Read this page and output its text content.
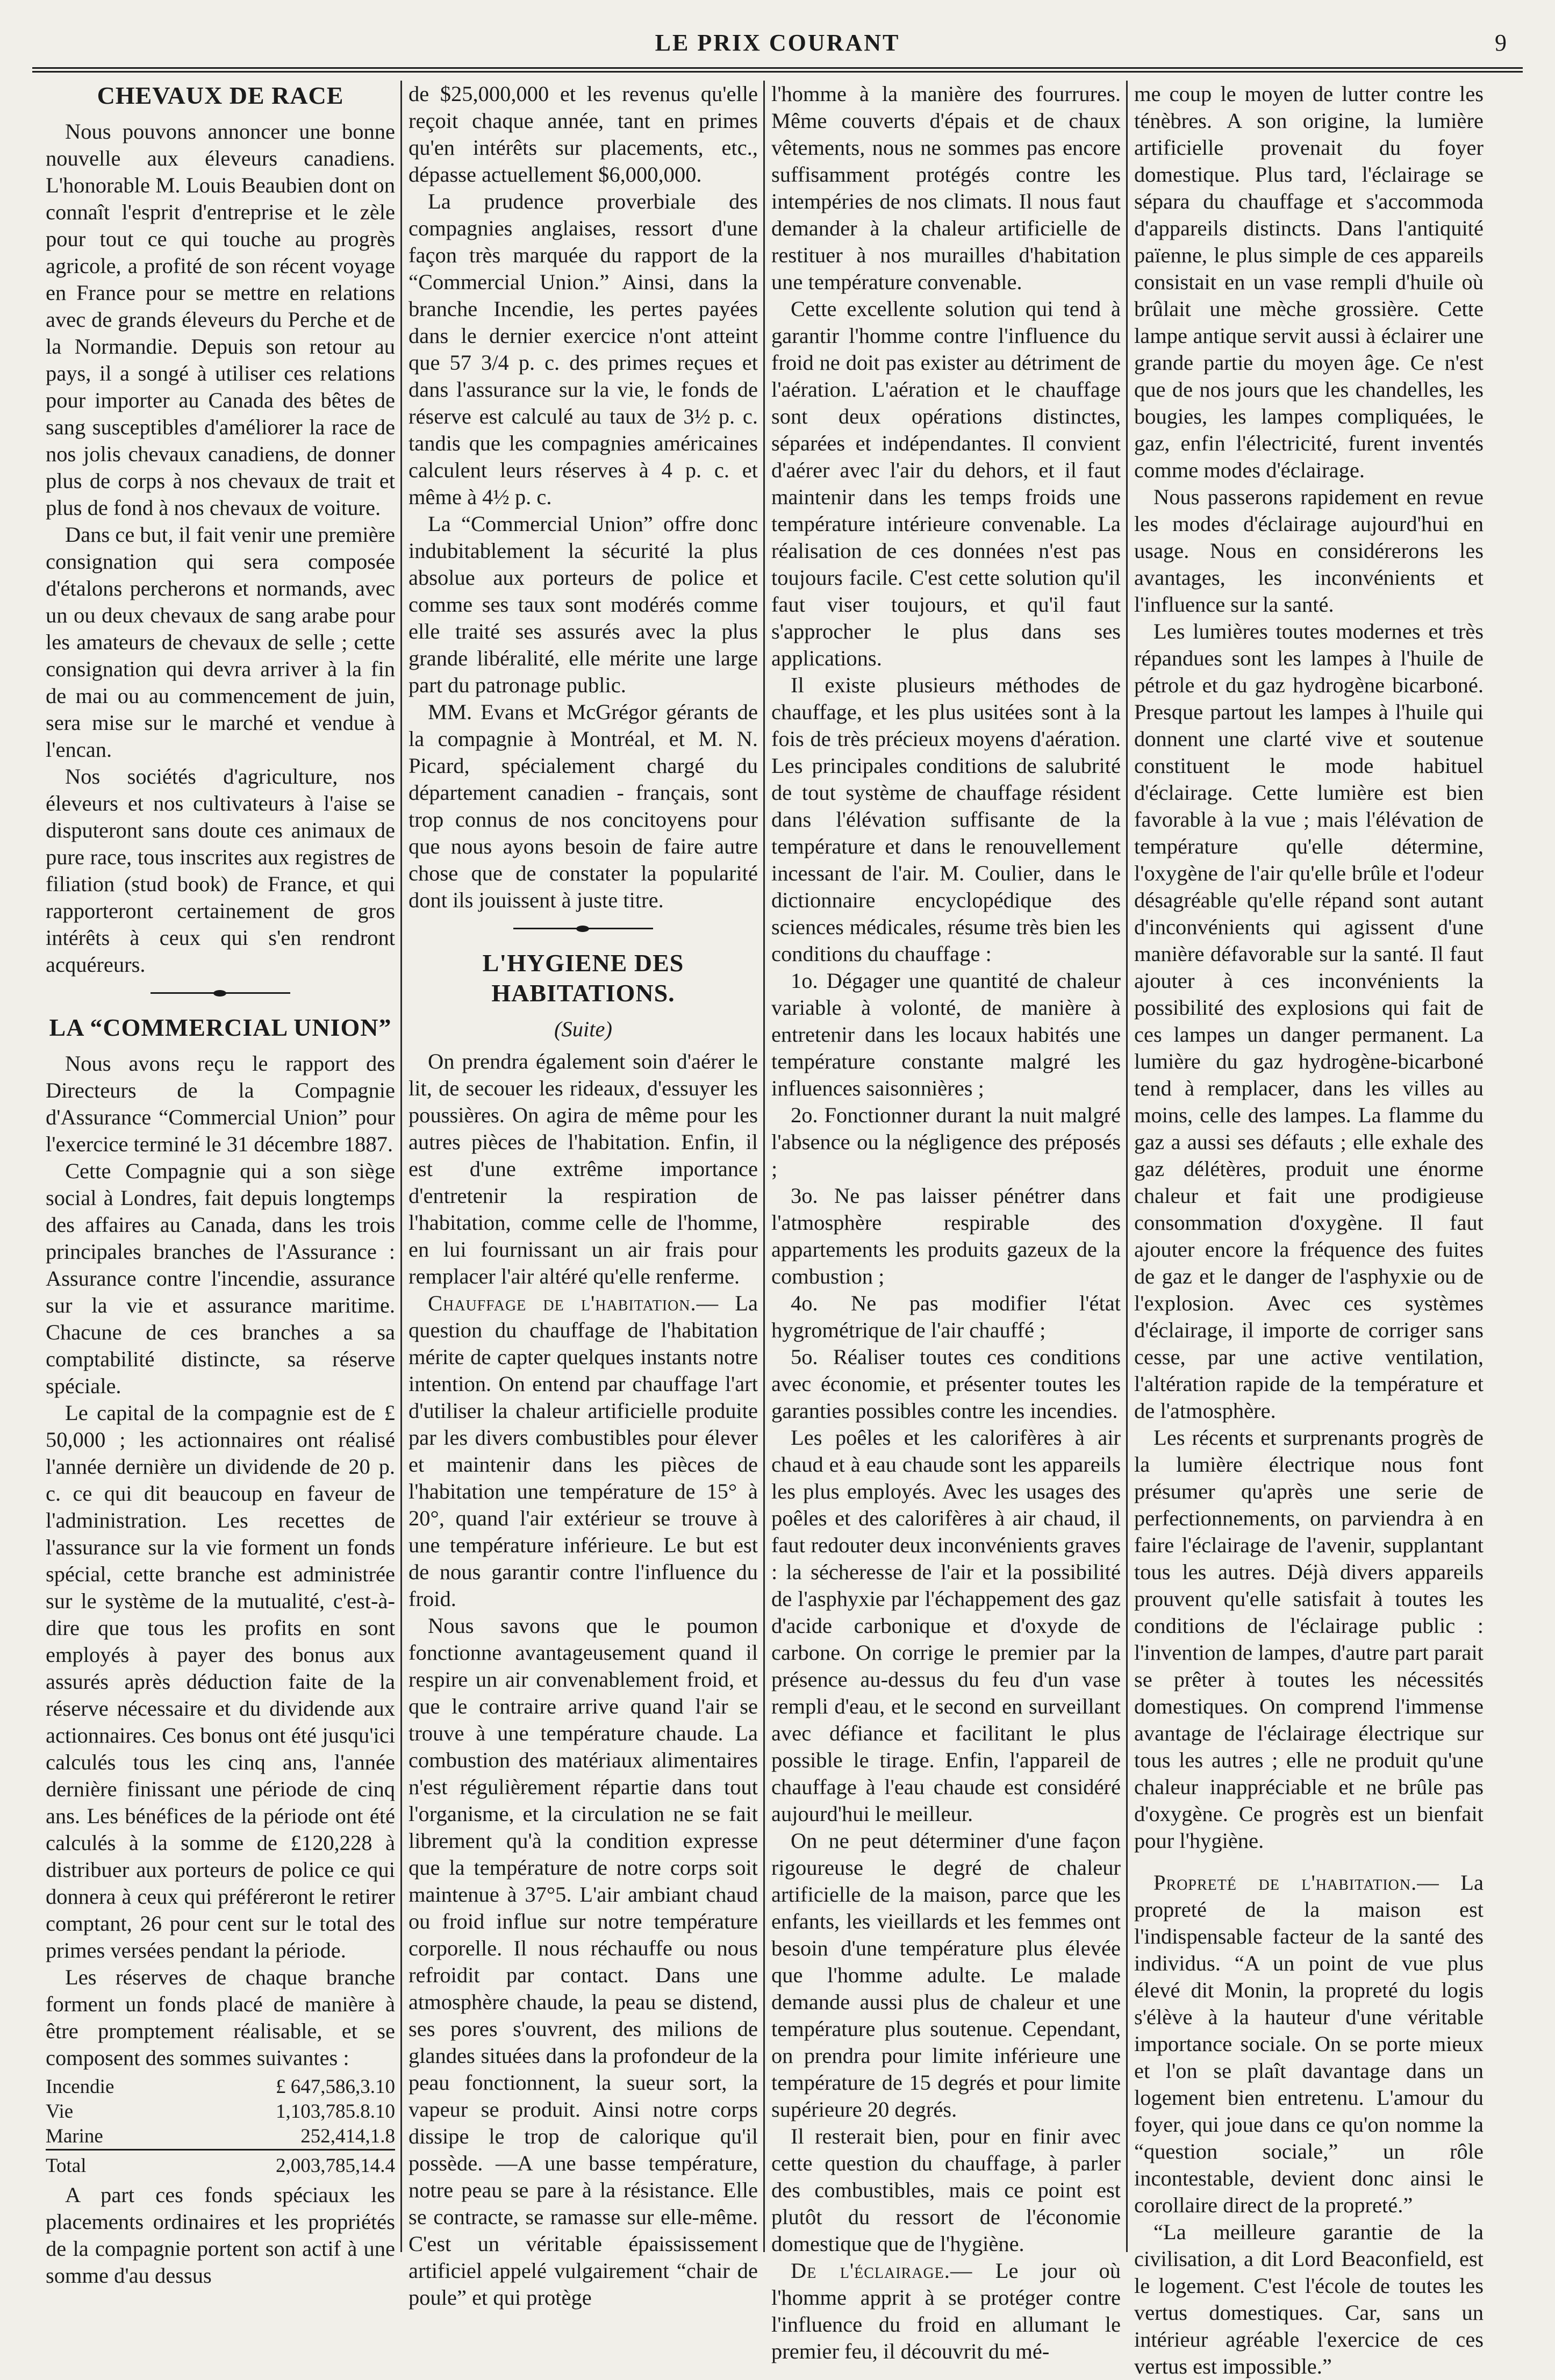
LE PRIX COURANT	9
CHEVAUX DE RACE

Nous pouvons annoncer une bonne nouvelle aux éleveurs canadiens. L'honorable M. Louis Beaubien dont on connaît l'esprit d'entreprise et le zèle pour tout ce qui touche au progrès agricole, a profité de son récent voyage en France pour se mettre en relations avec de grands éleveurs du Perche et de la Normandie. Depuis son retour au pays, il a songé à utiliser ces relations pour importer au Canada des bêtes de sang susceptibles d'améliorer la race de nos jolis chevaux canadiens, de donner plus de corps à nos chevaux de trait et plus de fond à nos chevaux de voiture.

Dans ce but, il fait venir une première consignation qui sera composée d'étalons percherons et normands, avec un ou deux chevaux de sang arabe pour les amateurs de chevaux de selle ; cette consignation qui devra arriver à la fin de mai ou au commencement de juin, sera mise sur le marché et vendue à l'encan.

Nos sociétés d'agriculture, nos éleveurs et nos cultivateurs à l'aise se disputeront sans doute ces animaux de pure race, tous inscrites aux registres de filiation (stud book) de France, et qui rapporteront certainement de gros intérêts à ceux qui s'en rendront acquéreurs.

LA “COMMERCIAL UNION”

Nous avons reçu le rapport des Directeurs de la Compagnie d'Assurance “Commercial Union” pour l'exercice terminé le 31 décembre 1887.

Cette Compagnie qui a son siège social à Londres, fait depuis longtemps des affaires au Canada, dans les trois principales branches de l'Assurance : Assurance contre l'incendie, assurance sur la vie et assurance maritime. Chacune de ces branches a sa comptabilité distincte, sa réserve spéciale.

Le capital de la compagnie est de £ 50,000 ; les actionnaires ont réalisé l'année dernière un dividende de 20 p. c. ce qui dit beaucoup en faveur de l'administration. Les recettes de l'assurance sur la vie forment un fonds spécial, cette branche est administrée sur le système de la mutualité, c'est-à-dire que tous les profits en sont employés à payer des bonus aux assurés après déduction faite de la réserve nécessaire et du dividende aux actionnaires. Ces bonus ont été jusqu'ici calculés tous les cinq ans, l'année dernière finissant une période de cinq ans. Les bénéfices de la période ont été calculés à la somme de £120,228 à distribuer aux porteurs de police ce qui donnera à ceux qui préféreront le retirer comptant, 26 pour cent sur le total des primes versées pendant la période.

Les réserves de chaque branche forment un fonds placé de manière à être promptement réalisable, et se composent des sommes suivantes :

Incendie	£ 647,586,3.10
Vie	1,103,785.8.10
Marine	252,414,1.8
Total	2,003,785,14.4

A part ces fonds spéciaux les placements ordinaires et les propriétés de la compagnie portent son actif à une somme d'au dessus

de $25,000,000 et les revenus qu'elle reçoit chaque année, tant en primes qu'en intérêts sur placements, etc., dépasse actuellement $6,000,000.

La prudence proverbiale des compagnies anglaises, ressort d'une façon très marquée du rapport de la “Commercial Union.” Ainsi, dans la branche Incendie, les pertes payées dans le dernier exercice n'ont atteint que 57 3/4 p. c. des primes reçues et dans l'assurance sur la vie, le fonds de réserve est calculé au taux de 3½ p. c. tandis que les compagnies américaines calculent leurs réserves à 4 p. c. et même à 4½ p. c.

La “Commercial Union” offre donc indubitablement la sécurité la plus absolue aux porteurs de police et comme ses taux sont modérés comme elle traité ses assurés avec la plus grande libéralité, elle mérite une large part du patronage public.

MM. Evans et McGrégor gérants de la compagnie à Montréal, et M. N. Picard, spécialement chargé du département canadien - français, sont trop connus de nos concitoyens pour que nous ayons besoin de faire autre chose que de constater la popularité dont ils jouissent à juste titre.

L'HYGIENE DES HABITATIONS.
(Suite)

On prendra également soin d'aérer le lit, de secouer les rideaux, d'essuyer les poussières. On agira de même pour les autres pièces de l'habitation. Enfin, il est d'une extrême importance d'entretenir la respiration de l'habitation, comme celle de l'homme, en lui fournissant un air frais pour remplacer l'air altéré qu'elle renferme.

Chauffage de l'habitation.— La question du chauffage de l'habitation mérite de capter quelques instants notre intention. On entend par chauffage l'art d'utiliser la chaleur artificielle produite par les divers combustibles pour élever et maintenir dans les pièces de l'habitation une température de 15° à 20°, quand l'air extérieur se trouve à une température inférieure. Le but est de nous garantir contre l'influence du froid.

Nous savons que le poumon fonctionne avantageusement quand il respire un air convenablement froid, et que le contraire arrive quand l'air se trouve à une température chaude. La combustion des matériaux alimentaires n'est régulièrement répartie dans tout l'organisme, et la circulation ne se fait librement qu'à la condition expresse que la température de notre corps soit maintenue à 37°5. L'air ambiant chaud ou froid influe sur notre température corporelle. Il nous réchauffe ou nous refroidit par contact. Dans une atmosphère chaude, la peau se distend, ses pores s'ouvrent, des milions de glandes situées dans la profondeur de la peau fonctionnent, la sueur sort, la vapeur se produit. Ainsi notre corps dissipe le trop de calorique qu'il possède. —A une basse température, notre peau se pare à la résistance. Elle se contracte, se ramasse sur elle-même. C'est un véritable épaississement artificiel appelé vulgairement “chair de poule” et qui protège

l'homme à la manière des fourrures. Même couverts d'épais et de chaux vêtements, nous ne sommes pas encore suffisamment protégés contre les intempéries de nos climats. Il nous faut demander à la chaleur artificielle de restituer à nos murailles d'habitation une température convenable.

Cette excellente solution qui tend à garantir l'homme contre l'influence du froid ne doit pas exister au détriment de l'aération. L'aération et le chauffage sont deux opérations distinctes, séparées et indépendantes. Il convient d'aérer avec l'air du dehors, et il faut maintenir dans les temps froids une température intérieure convenable. La réalisation de ces données n'est pas toujours facile. C'est cette solution qu'il faut viser toujours, et qu'il faut s'approcher le plus dans ses applications.

Il existe plusieurs méthodes de chauffage, et les plus usitées sont à la fois de très précieux moyens d'aération. Les principales conditions de salubrité de tout système de chauffage résident dans l'élévation suffisante de la température et dans le renouvellement incessant de l'air. M. Coulier, dans le dictionnaire encyclopédique des sciences médicales, résume très bien les conditions du chauffage :

1o. Dégager une quantité de chaleur variable à volonté, de manière à entretenir dans les locaux habités une température constante malgré les influences saisonnières ;

2o. Fonctionner durant la nuit malgré l'absence ou la négligence des préposés ;

3o. Ne pas laisser pénétrer dans l'atmosphère respirable des appartements les produits gazeux de la combustion ;

4o. Ne pas modifier l'état hygrométrique de l'air chauffé ;

5o. Réaliser toutes ces conditions avec économie, et présenter toutes les garanties possibles contre les incendies.

Les poêles et les calorifères à air chaud et à eau chaude sont les appareils les plus employés. Avec les usages des poêles et des calorifères à air chaud, il faut redouter deux inconvénients graves : la sécheresse de l'air et la possibilité de l'asphyxie par l'échappement des gaz d'acide carbonique et d'oxyde de carbone. On corrige le premier par la présence au-dessus du feu d'un vase rempli d'eau, et le second en surveillant avec défiance et facilitant le plus possible le tirage. Enfin, l'appareil de chauffage à l'eau chaude est considéré aujourd'hui le meilleur.

On ne peut déterminer d'une façon rigoureuse le degré de chaleur artificielle de la maison, parce que les enfants, les vieillards et les femmes ont besoin d'une température plus élevée que l'homme adulte. Le malade demande aussi plus de chaleur et une température plus soutenue. Cependant, on prendra pour limite inférieure une température de 15 degrés et pour limite supérieure 20 degrés.

Il resterait bien, pour en finir avec cette question du chauffage, à parler des combustibles, mais ce point est plutôt du ressort de l'économie domestique que de l'hygiène.

De l'éclairage.— Le jour où l'homme apprit à se protéger contre l'influence du froid en allumant le premier feu, il découvrit du mé-

me coup le moyen de lutter contre les ténèbres. A son origine, la lumière artificielle provenait du foyer domestique. Plus tard, l'éclairage se sépara du chauffage et s'accommoda d'appareils distincts. Dans l'antiquité païenne, le plus simple de ces appareils consistait en un vase rempli d'huile où brûlait une mèche grossière. Cette lampe antique servit aussi à éclairer une grande partie du moyen âge. Ce n'est que de nos jours que les chandelles, les bougies, les lampes compliquées, le gaz, enfin l'électricité, furent inventés comme modes d'éclairage.

Nous passerons rapidement en revue les modes d'éclairage aujourd'hui en usage. Nous en considérerons les avantages, les inconvénients et l'influence sur la santé.

Les lumières toutes modernes et très répandues sont les lampes à l'huile de pétrole et du gaz hydrogène bicarboné. Presque partout les lampes à l'huile qui donnent une clarté vive et soutenue constituent le mode habituel d'éclairage. Cette lumière est bien favorable à la vue ; mais l'élévation de température qu'elle détermine, l'oxygène de l'air qu'elle brûle et l'odeur désagréable qu'elle répand sont autant d'inconvénients qui agissent d'une manière défavorable sur la santé. Il faut ajouter à ces inconvénients la possibilité des explosions qui fait de ces lampes un danger permanent. La lumière du gaz hydrogène-bicarboné tend à remplacer, dans les villes au moins, celle des lampes. La flamme du gaz a aussi ses défauts ; elle exhale des gaz délétères, produit une énorme chaleur et fait une prodigieuse consommation d'oxygène. Il faut ajouter encore la fréquence des fuites de gaz et le danger de l'asphyxie ou de l'explosion. Avec ces systèmes d'éclairage, il importe de corriger sans cesse, par une active ventilation, l'altération rapide de la température et de l'atmosphère.

Les récents et surprenants progrès de la lumière électrique nous font présumer qu'après une serie de perfectionnements, on parviendra à en faire l'éclairage de l'avenir, supplantant tous les autres. Déjà divers appareils prouvent qu'elle satisfait à toutes les conditions de l'éclairage public : l'invention de lampes, d'autre part parait se prêter à toutes les nécessités domestiques. On comprend l'immense avantage de l'éclairage électrique sur tous les autres ; elle ne produit qu'une chaleur inappréciable et ne brûle pas d'oxygène. Ce progrès est un bienfait pour l'hygiène.

Propreté de l'habitation.— La propreté de la maison est l'indispensable facteur de la santé des individus. “A un point de vue plus élevé dit Monin, la propreté du logis s'élève à la hauteur d'une véritable importance sociale. On se porte mieux et l'on se plaît davantage dans un logement bien entretenu. L'amour du foyer, qui joue dans ce qu'on nomme la “question sociale,” un rôle incontestable, devient donc ainsi le corollaire direct de la propreté.”

“La meilleure garantie de la civilisation, a dit Lord Beaconfield, est le logement. C'est l'école de toutes les vertus domestiques. Car, sans un intérieur agréable l'exercice de ces vertus est impossible.”
